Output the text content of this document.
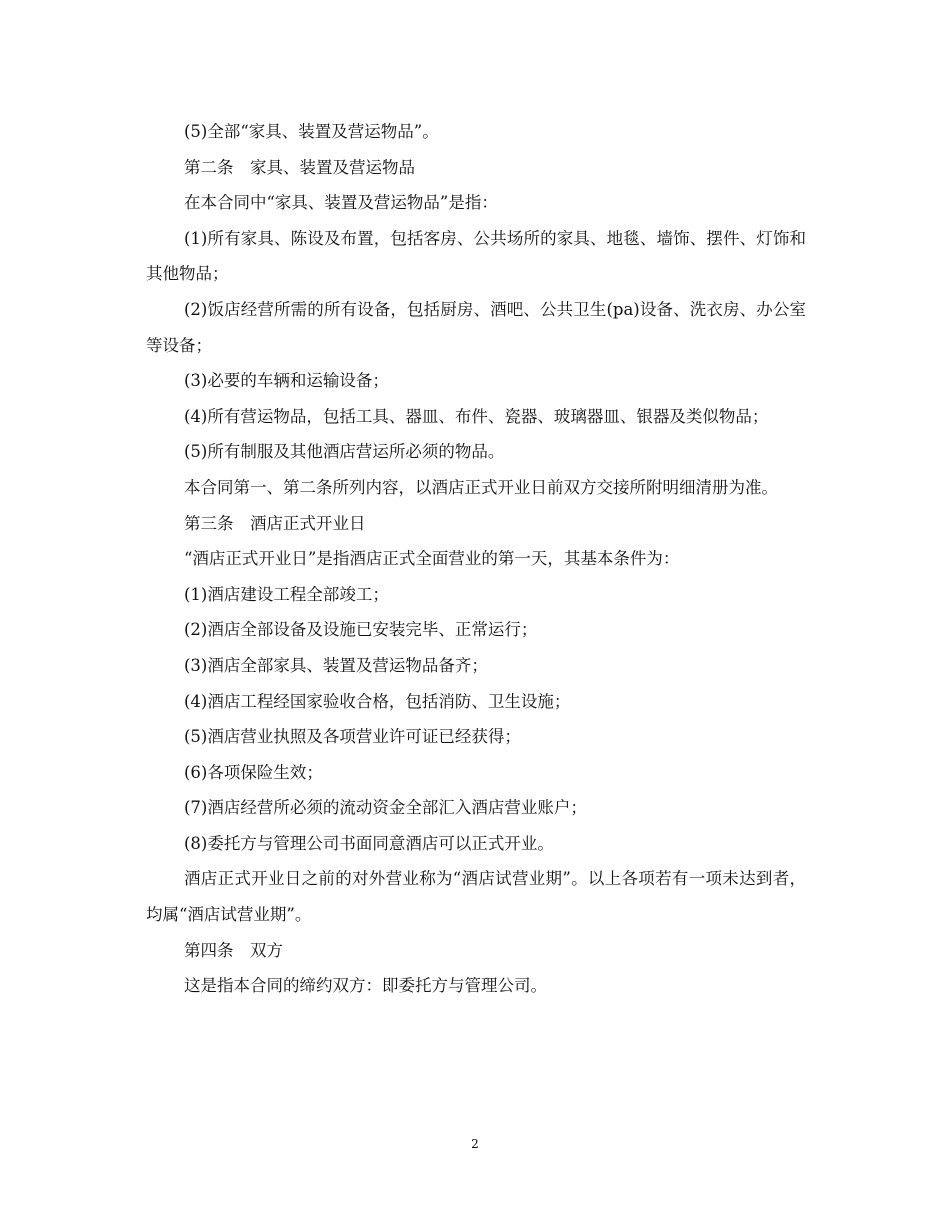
(5)全部“家具、装置及营运物品”。

第二条　家具、装置及营运物品

在本合同中“家具、装置及营运物品”是指：

(1)所有家具、陈设及布置，包括客房、公共场所的家具、地毯、墙饰、摆件、灯饰和其他物品；

(2)饭店经营所需的所有设备，包括厨房、酒吧、公共卫生(pa)设备、洗衣房、办公室等设备；

(3)必要的车辆和运输设备；

(4)所有营运物品，包括工具、器皿、布件、瓷器、玻璃器皿、银器及类似物品；

(5)所有制服及其他酒店营运所必须的物品。

本合同第一、第二条所列内容，以酒店正式开业日前双方交接所附明细清册为准。

第三条　酒店正式开业日

“酒店正式开业日”是指酒店正式全面营业的第一天，其基本条件为：

(1)酒店建设工程全部竣工；

(2)酒店全部设备及设施已安装完毕、正常运行；

(3)酒店全部家具、装置及营运物品备齐；

(4)酒店工程经国家验收合格，包括消防、卫生设施；

(5)酒店营业执照及各项营业许可证已经获得；

(6)各项保险生效；

(7)酒店经营所必须的流动资金全部汇入酒店营业账户；

(8)委托方与管理公司书面同意酒店可以正式开业。

酒店正式开业日之前的对外营业称为“酒店试营业期”。以上各项若有一项未达到者，均属“酒店试营业期”。

第四条　双方

这是指本合同的缔约双方：即委托方与管理公司。

2
